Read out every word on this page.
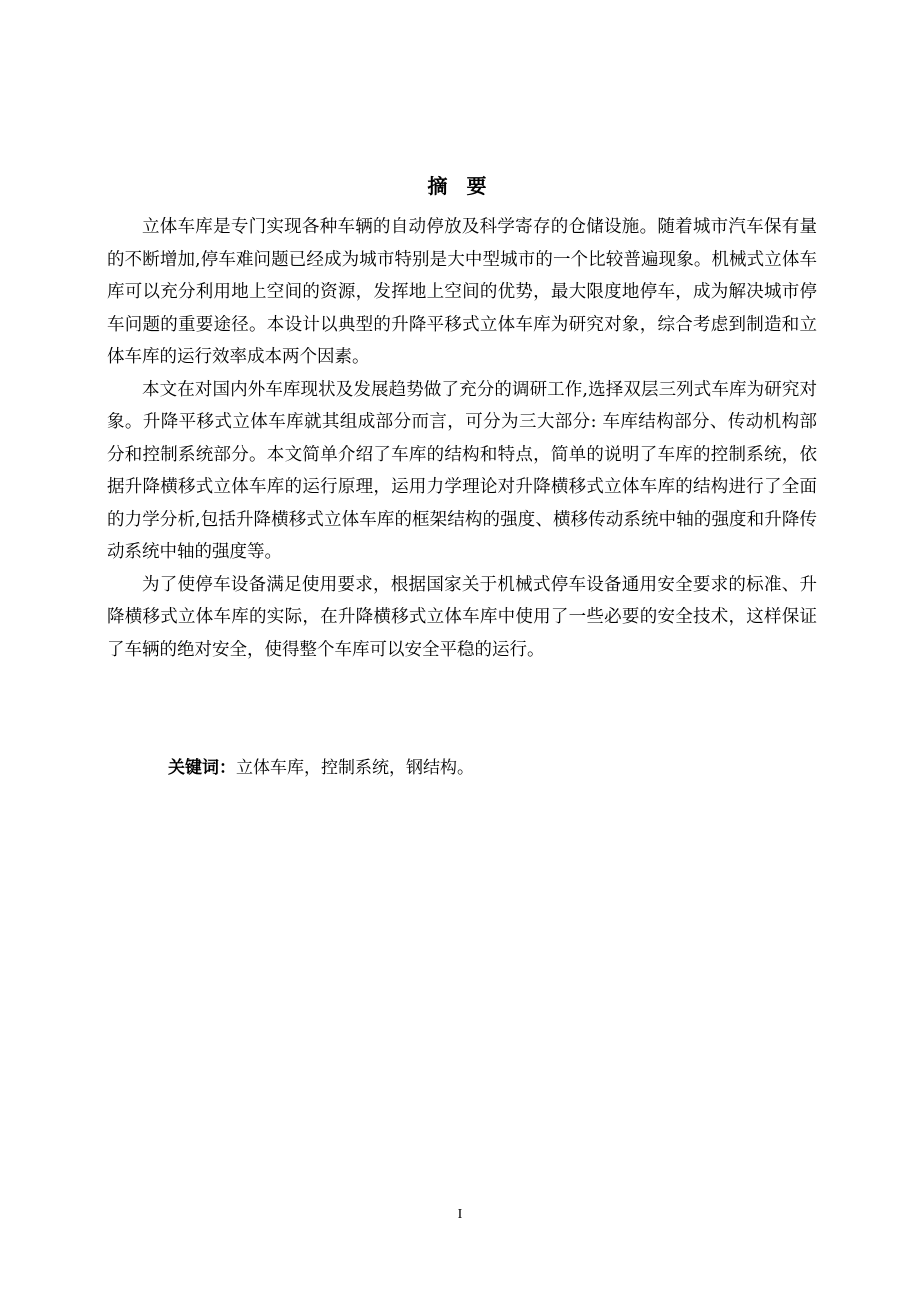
摘 要

立体车库是专门实现各种车辆的自动停放及科学寄存的仓储设施。随着城市汽车保有量的不断增加,停车难问题已经成为城市特别是大中型城市的一个比较普遍现象。机械式立体车库可以充分利用地上空间的资源，发挥地上空间的优势，最大限度地停车，成为解决城市停车问题的重要途径。本设计以典型的升降平移式立体车库为研究对象，综合考虑到制造和立体车库的运行效率成本两个因素。

本文在对国内外车库现状及发展趋势做了充分的调研工作,选择双层三列式车库为研究对象。升降平移式立体车库就其组成部分而言，可分为三大部分: 车库结构部分、传动机构部分和控制系统部分。本文简单介绍了车库的结构和特点，简单的说明了车库的控制系统，依据升降横移式立体车库的运行原理，运用力学理论对升降横移式立体车库的结构进行了全面的力学分析,包括升降横移式立体车库的框架结构的强度、横移传动系统中轴的强度和升降传动系统中轴的强度等。

为了使停车设备满足使用要求，根据国家关于机械式停车设备通用安全要求的标准、升降横移式立体车库的实际，在升降横移式立体车库中使用了一些必要的安全技术，这样保证了车辆的绝对安全，使得整个车库可以安全平稳的运行。

关键词：立体车库，控制系统，钢结构。
I
